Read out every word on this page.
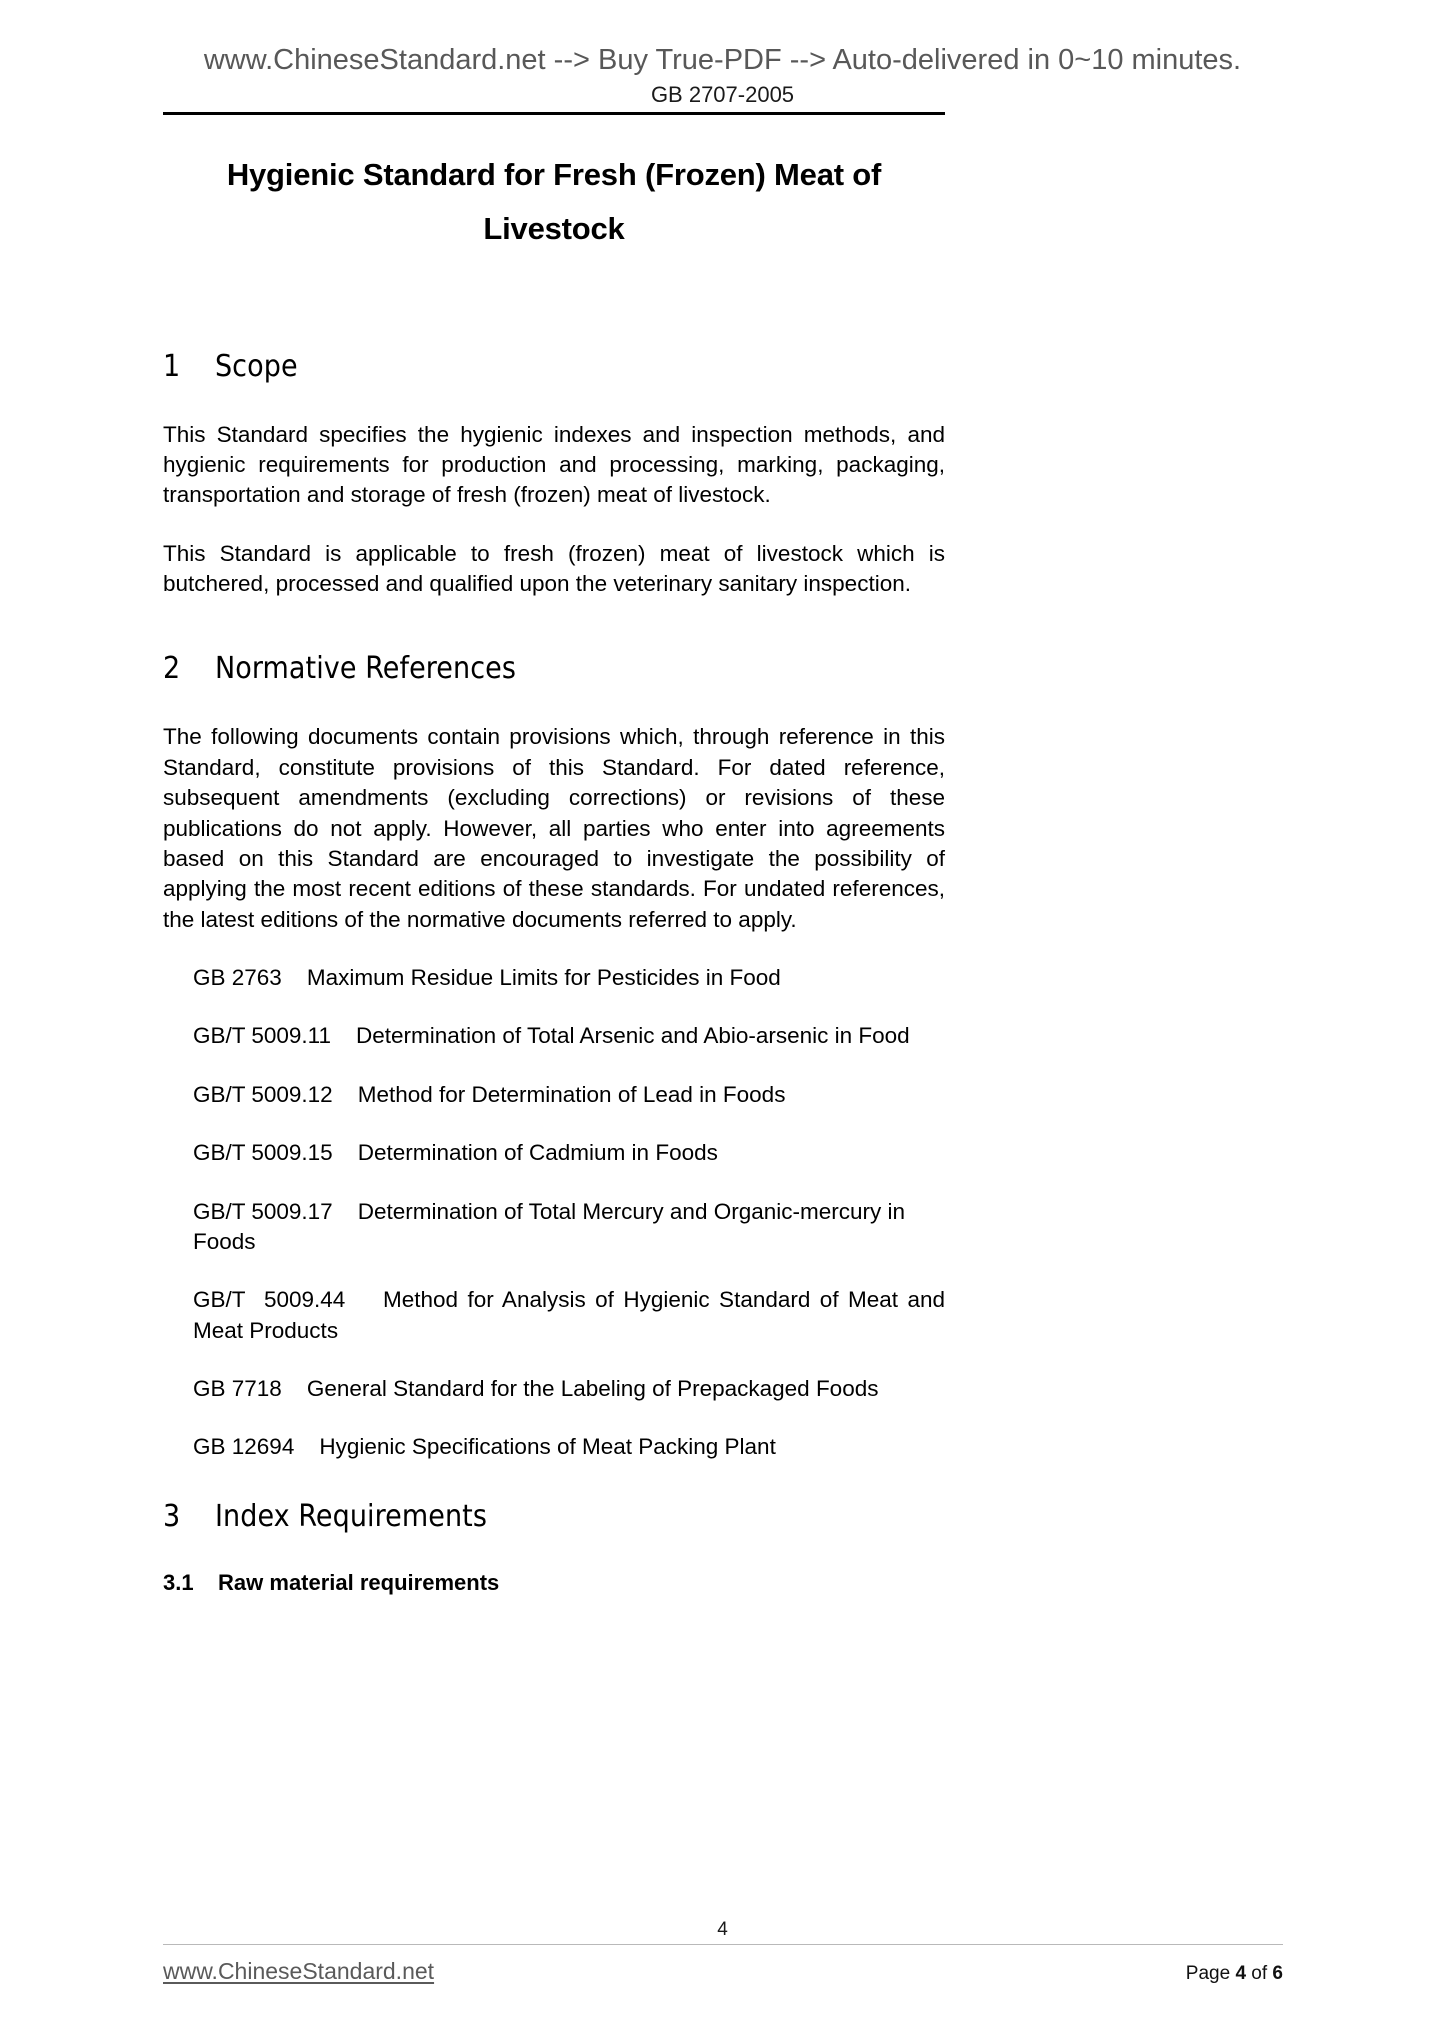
www.ChineseStandard.net --> Buy True-PDF --> Auto-delivered in 0~10 minutes.
GB 2707-2005
Hygienic Standard for Fresh (Frozen) Meat of
Livestock
1    Scope

This Standard specifies the hygienic indexes and inspection methods, and hygienic requirements for production and processing, marking, packaging, transportation and storage of fresh (frozen) meat of livestock.

This Standard is applicable to fresh (frozen) meat of livestock which is butchered, processed and qualified upon the veterinary sanitary inspection.

2    Normative References

The following documents contain provisions which, through reference in this Standard, constitute provisions of this Standard. For dated reference, subsequent amendments (excluding corrections) or revisions of these publications do not apply. However, all parties who enter into agreements based on this Standard are encouraged to investigate the possibility of applying the most recent editions of these standards. For undated references, the latest editions of the normative documents referred to apply.

GB 2763 Maximum Residue Limits for Pesticides in Food
GB/T 5009.11 Determination of Total Arsenic and Abio-arsenic in Food
GB/T 5009.12 Method for Determination of Lead in Foods
GB/T 5009.15 Determination of Cadmium in Foods
GB/T 5009.17 Determination of Total Mercury and Organic-mercury in Foods
GB/T  5009.44 Method for Analysis of Hygienic Standard of Meat and Meat Products
GB 7718 General Standard for the Labeling of Prepackaged Foods
GB 12694 Hygienic Specifications of Meat Packing Plant
3    Index Requirements
3.1    Raw material requirements
4
www.ChineseStandard.net	Page 4 of 6
